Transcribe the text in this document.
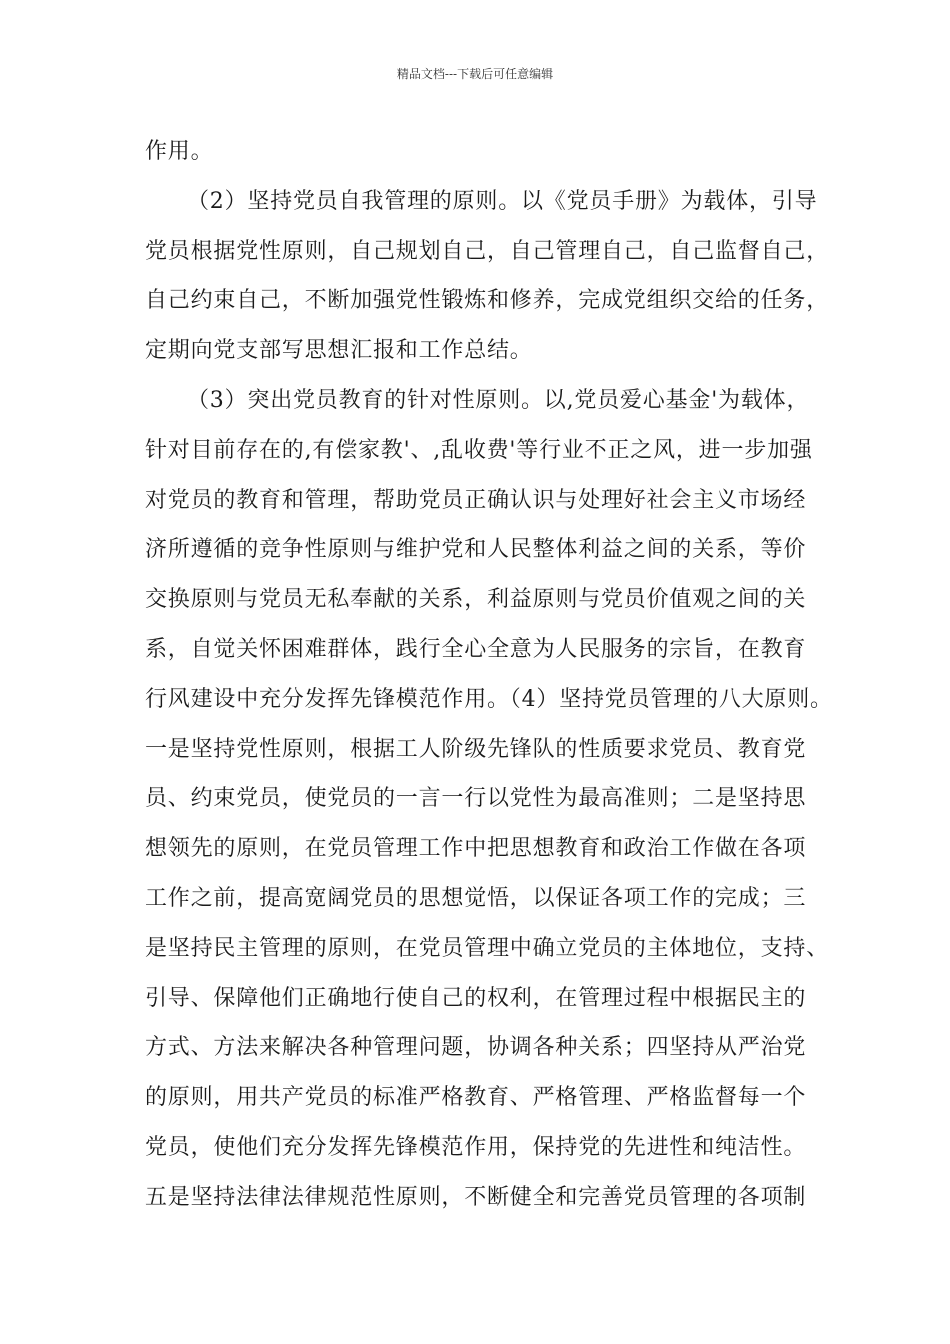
精品文档---下载后可任意编辑
作用。
（2）坚持党员自我管理的原则。以《党员手册》为载体，引导
党员根据党性原则，自己规划自己，自己管理自己，自己监督自己，
自己约束自己，不断加强党性锻炼和修养，完成党组织交给的任务，
定期向党支部写思想汇报和工作总结。
（3）突出党员教育的针对性原则。以,党员爱心基金'为载体，
针对目前存在的,有偿家教'、,乱收费'等行业不正之风，进一步加强
对党员的教育和管理，帮助党员正确认识与处理好社会主义市场经
济所遵循的竞争性原则与维护党和人民整体利益之间的关系，等价
交换原则与党员无私奉献的关系，利益原则与党员价值观之间的关
系，自觉关怀困难群体，践行全心全意为人民服务的宗旨，在教育
行风建设中充分发挥先锋模范作用。（4）坚持党员管理的八大原则。
一是坚持党性原则，根据工人阶级先锋队的性质要求党员、教育党
员、约束党员，使党员的一言一行以党性为最高准则；二是坚持思
想领先的原则，在党员管理工作中把思想教育和政治工作做在各项
工作之前，提高宽阔党员的思想觉悟，以保证各项工作的完成；三
是坚持民主管理的原则，在党员管理中确立党员的主体地位，支持、
引导、保障他们正确地行使自己的权利，在管理过程中根据民主的
方式、方法来解决各种管理问题，协调各种关系；四坚持从严治党
的原则，用共产党员的标准严格教育、严格管理、严格监督每一个
党员，使他们充分发挥先锋模范作用，保持党的先进性和纯洁性。
五是坚持法律法律规范性原则，不断健全和完善党员管理的各项制
